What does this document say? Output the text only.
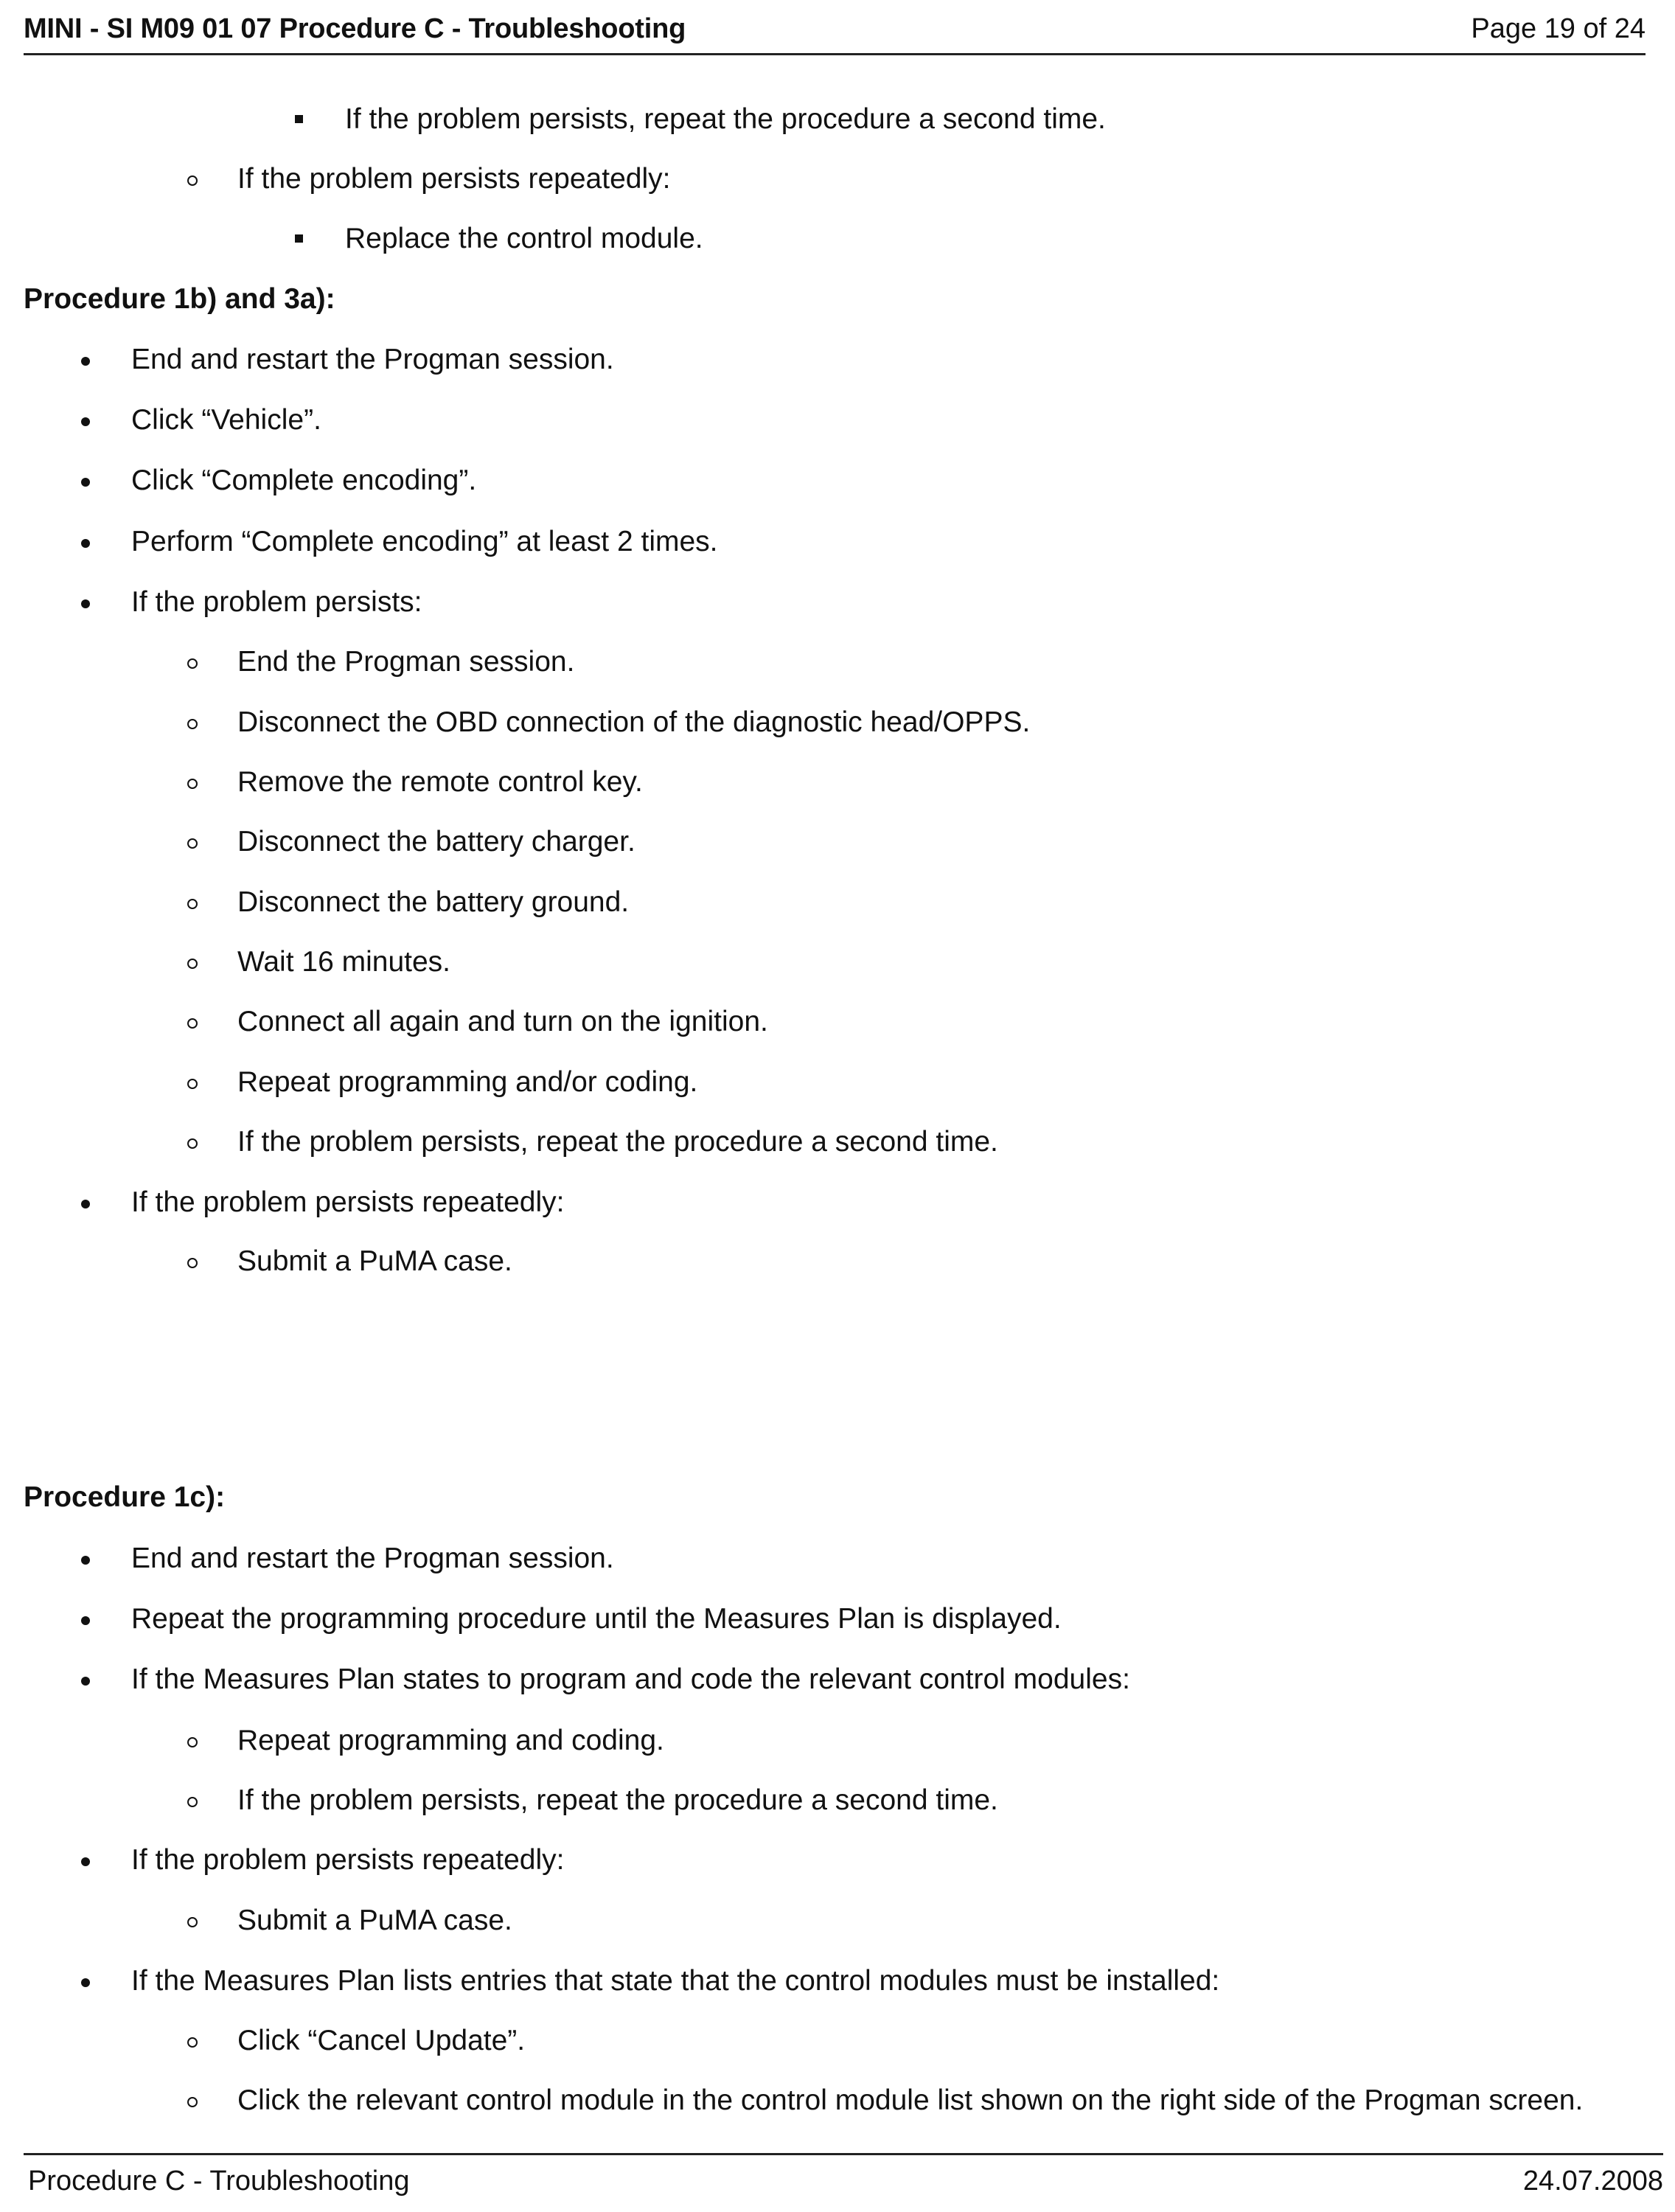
MINI - SI M09 01 07 Procedure C - Troubleshooting	Page 19 of 24
If the problem persists, repeat the procedure a second time.
If the problem persists repeatedly:
Replace the control module.
Procedure 1b) and 3a):
End and restart the Progman session.
Click “Vehicle”.
Click “Complete encoding”.
Perform “Complete encoding” at least 2 times.
If the problem persists:
End the Progman session.
Disconnect the OBD connection of the diagnostic head/OPPS.
Remove the remote control key.
Disconnect the battery charger.
Disconnect the battery ground.
Wait 16 minutes.
Connect all again and turn on the ignition.
Repeat programming and/or coding.
If the problem persists, repeat the procedure a second time.
If the problem persists repeatedly:
Submit a PuMA case.
Procedure 1c):
End and restart the Progman session.
Repeat the programming procedure until the Measures Plan is displayed.
If the Measures Plan states to program and code the relevant control modules:
Repeat programming and coding.
If the problem persists, repeat the procedure a second time.
If the problem persists repeatedly:
Submit a PuMA case.
If the Measures Plan lists entries that state that the control modules must be installed:
Click “Cancel Update”.
Click the relevant control module in the control module list shown on the right side of the Progman screen.
Procedure C - Troubleshooting	24.07.2008
